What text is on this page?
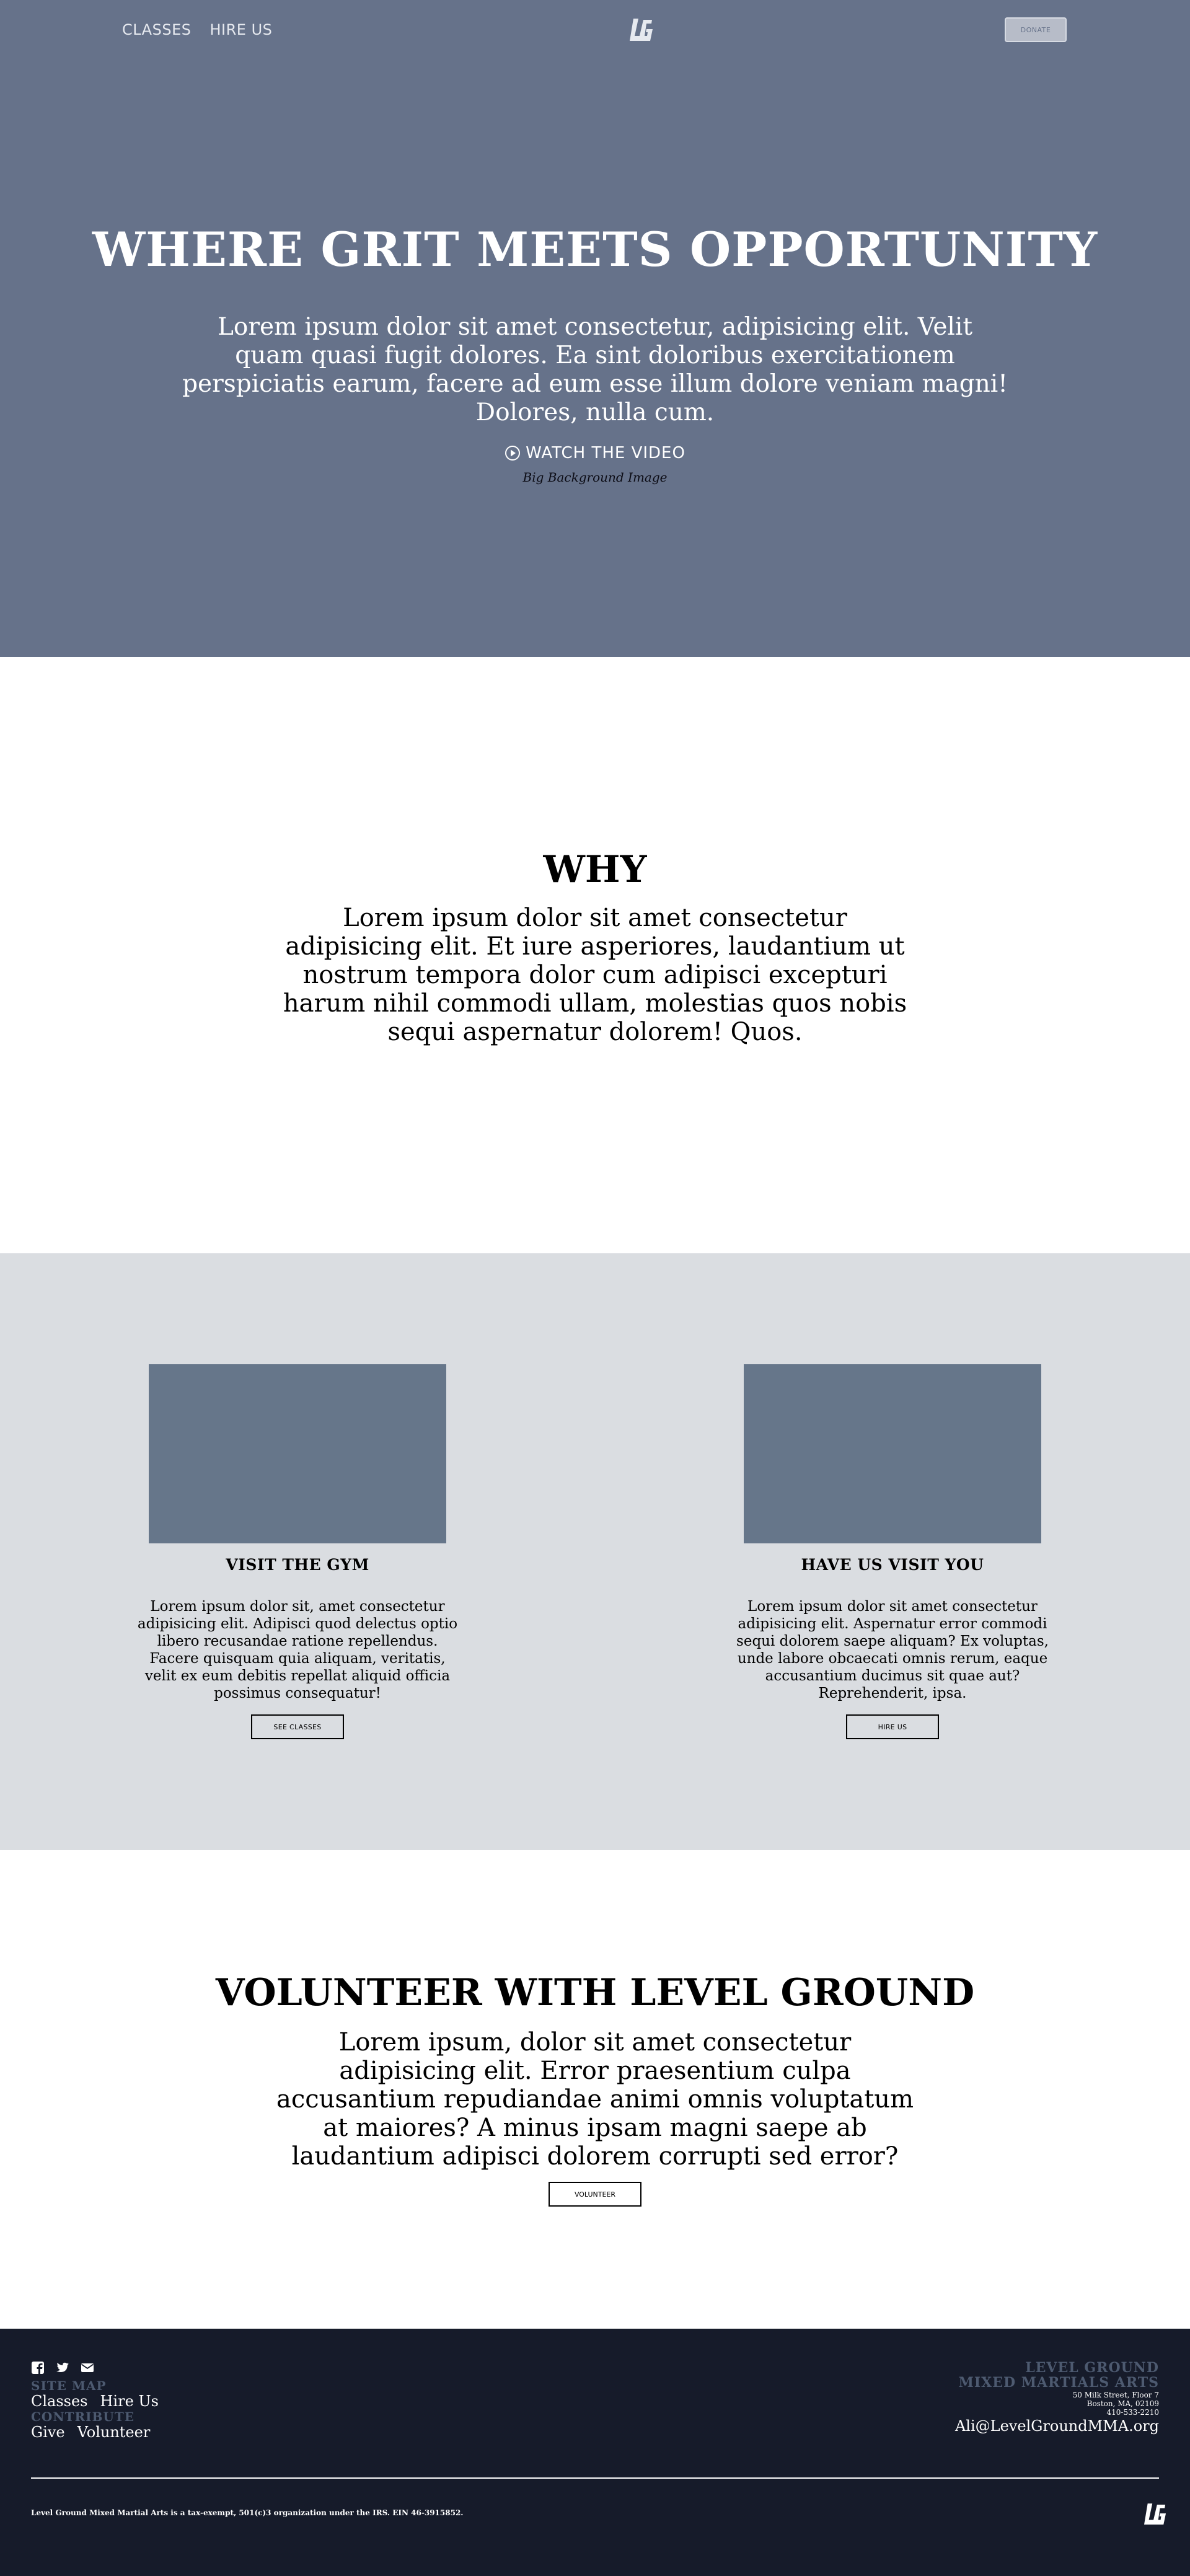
CLASSES HIRE US	DONATE
WHERE GRIT MEETS OPPORTUNITY

Lorem ipsum dolor sit amet consectetur, adipisicing elit. Velit quam quasi fugit dolores. Ea sint doloribus exercitationem perspiciatis earum, facere ad eum esse illum dolore veniam magni! Dolores, nulla cum.

WATCH THE VIDEO
Big Background Image
WHY

Lorem ipsum dolor sit amet consectetur adipisicing elit. Et iure asperiores, laudantium ut nostrum tempora dolor cum adipisci excepturi harum nihil commodi ullam, molestias quos nobis sequi aspernatur dolorem! Quos.

VISIT THE GYM

Lorem ipsum dolor sit, amet consectetur adipisicing elit. Adipisci quod delectus optio libero recusandae ratione repellendus. Facere quisquam quia aliquam, veritatis, velit ex eum debitis repellat aliquid officia possimus consequatur!

SEE CLASSES
HAVE US VISIT YOU

Lorem ipsum dolor sit amet consectetur adipisicing elit. Aspernatur error commodi sequi dolorem saepe aliquam? Ex voluptas, unde labore obcaecati omnis rerum, eaque accusantium ducimus sit quae aut? Reprehenderit, ipsa.

HIRE US
VOLUNTEER WITH LEVEL GROUND

Lorem ipsum, dolor sit amet consectetur adipisicing elit. Error praesentium culpa accusantium repudiandae animi omnis voluptatum at maiores? A minus ipsam magni saepe ab laudantium adipisci dolorem corrupti sed error?

VOLUNTEER
SITE MAP
Classes Hire Us
CONTRIBUTE
Give Volunteer
LEVEL GROUND
MIXED MARTIALS ARTS
50 Milk Street, Floor 7
Boston, MA, 02109
410-533-2210
Ali@LevelGroundMMA.org
Level Ground Mixed Martial Arts is a tax-exempt, 501(c)3 organization under the IRS. EIN 46-3915852.
